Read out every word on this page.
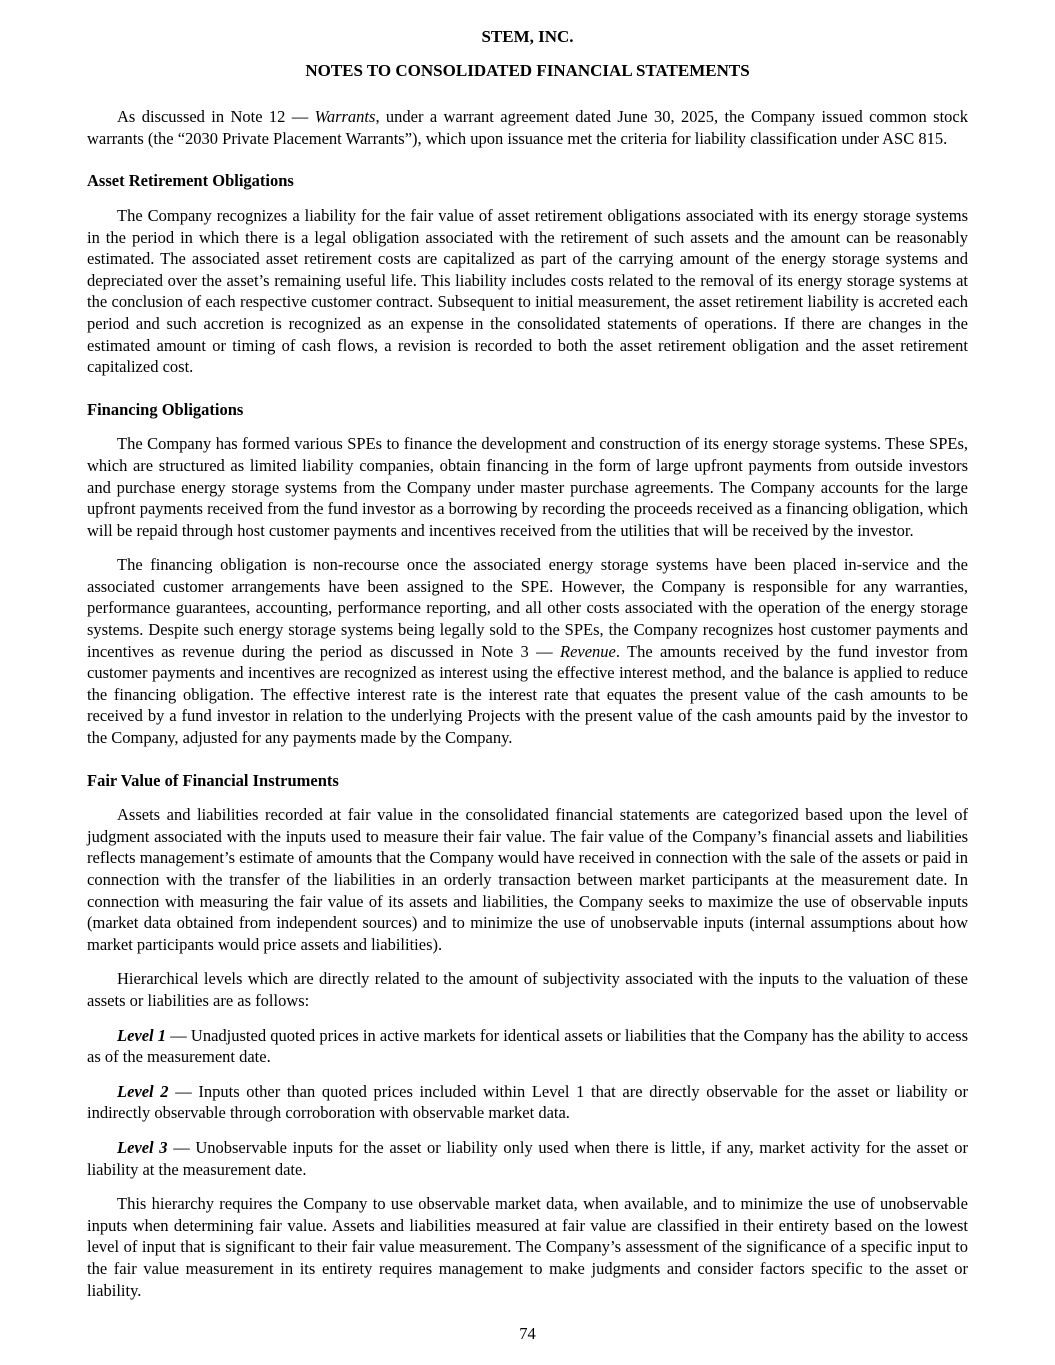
STEM, INC.
NOTES TO CONSOLIDATED FINANCIAL STATEMENTS

As discussed in Note 12 — Warrants, under a warrant agreement dated June 30, 2025, the Company issued common stock warrants (the “2030 Private Placement Warrants”), which upon issuance met the criteria for liability classification under ASC 815.

Asset Retirement Obligations

The Company recognizes a liability for the fair value of asset retirement obligations associated with its energy storage systems in the period in which there is a legal obligation associated with the retirement of such assets and the amount can be reasonably estimated. The associated asset retirement costs are capitalized as part of the carrying amount of the energy storage systems and depreciated over the asset’s remaining useful life. This liability includes costs related to the removal of its energy storage systems at the conclusion of each respective customer contract. Subsequent to initial measurement, the asset retirement liability is accreted each period and such accretion is recognized as an expense in the consolidated statements of operations. If there are changes in the estimated amount or timing of cash flows, a revision is recorded to both the asset retirement obligation and the asset retirement capitalized cost.

Financing Obligations

The Company has formed various SPEs to finance the development and construction of its energy storage systems. These SPEs, which are structured as limited liability companies, obtain financing in the form of large upfront payments from outside investors and purchase energy storage systems from the Company under master purchase agreements. The Company accounts for the large upfront payments received from the fund investor as a borrowing by recording the proceeds received as a financing obligation, which will be repaid through host customer payments and incentives received from the utilities that will be received by the investor.

The financing obligation is non-recourse once the associated energy storage systems have been placed in-service and the associated customer arrangements have been assigned to the SPE. However, the Company is responsible for any warranties, performance guarantees, accounting, performance reporting, and all other costs associated with the operation of the energy storage systems. Despite such energy storage systems being legally sold to the SPEs, the Company recognizes host customer payments and incentives as revenue during the period as discussed in Note 3 — Revenue. The amounts received by the fund investor from customer payments and incentives are recognized as interest using the effective interest method, and the balance is applied to reduce the financing obligation. The effective interest rate is the interest rate that equates the present value of the cash amounts to be received by a fund investor in relation to the underlying Projects with the present value of the cash amounts paid by the investor to the Company, adjusted for any payments made by the Company.

Fair Value of Financial Instruments

Assets and liabilities recorded at fair value in the consolidated financial statements are categorized based upon the level of judgment associated with the inputs used to measure their fair value. The fair value of the Company’s financial assets and liabilities reflects management’s estimate of amounts that the Company would have received in connection with the sale of the assets or paid in connection with the transfer of the liabilities in an orderly transaction between market participants at the measurement date. In connection with measuring the fair value of its assets and liabilities, the Company seeks to maximize the use of observable inputs (market data obtained from independent sources) and to minimize the use of unobservable inputs (internal assumptions about how market participants would price assets and liabilities).

Hierarchical levels which are directly related to the amount of subjectivity associated with the inputs to the valuation of these assets or liabilities are as follows:

Level 1 — Unadjusted quoted prices in active markets for identical assets or liabilities that the Company has the ability to access as of the measurement date.

Level 2 — Inputs other than quoted prices included within Level 1 that are directly observable for the asset or liability or indirectly observable through corroboration with observable market data.

Level 3 — Unobservable inputs for the asset or liability only used when there is little, if any, market activity for the asset or liability at the measurement date.

This hierarchy requires the Company to use observable market data, when available, and to minimize the use of unobservable inputs when determining fair value. Assets and liabilities measured at fair value are classified in their entirety based on the lowest level of input that is significant to their fair value measurement. The Company’s assessment of the significance of a specific input to the fair value measurement in its entirety requires management to make judgments and consider factors specific to the asset or liability.

74
